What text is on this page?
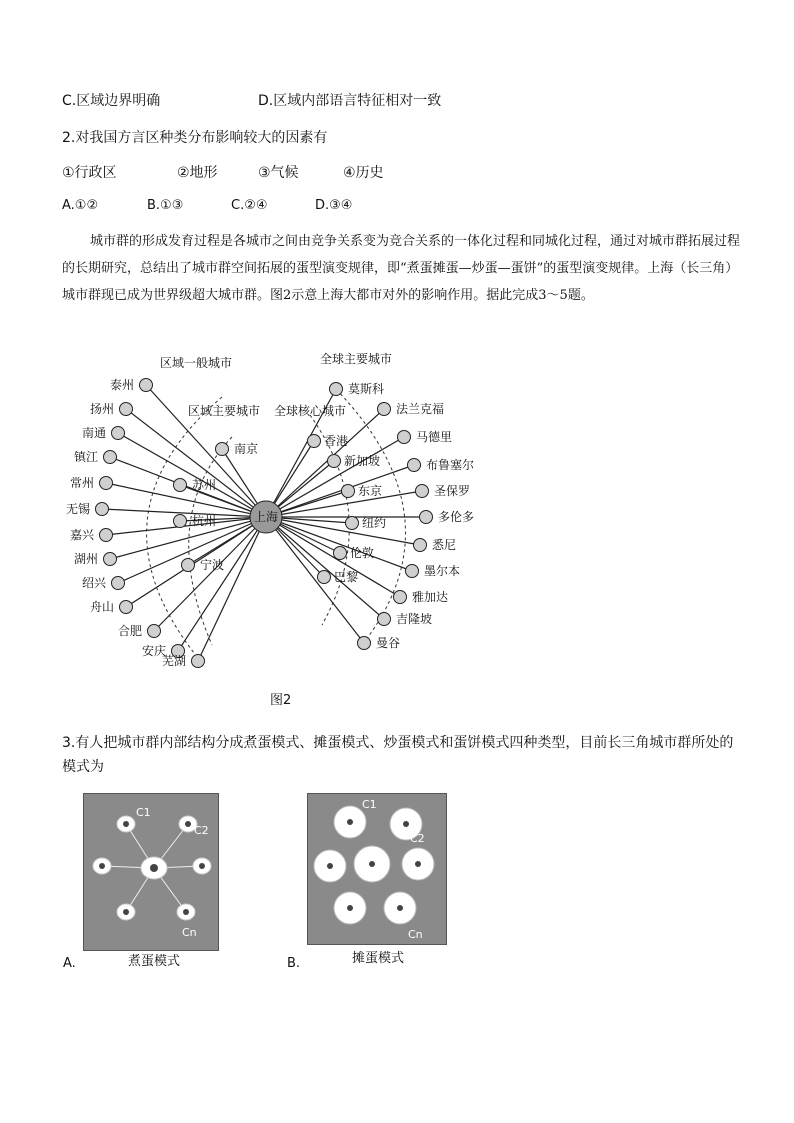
C.区域边界明确	D.区域内部语言特征相对一致
2.对我国方言区种类分布影响较大的因素有
①行政区	②地形	③气候	④历史
A.①②	B.①③	C.②④	D.③④
城市群的形成发育过程是各城市之间由竞争关系变为竞合关系的一体化过程和同城化过程，通过对城市群拓展过程的长期研究，总结出了城市群空间拓展的蛋型演变规律，即“煮蛋摊蛋—炒蛋—蛋饼”的蛋型演变规律。上海（长三角）城市群现已成为世界级超大城市群。图2示意上海大都市对外的影响作用。据此完成3～5题。
泰州
扬州
南通
镇江
常州
无锡
嘉兴
湖州
绍兴
舟山
合肥
安庆
芜湖
南京
苏州
杭州
宁波
香港
新加坡
东京
纽约
伦敦
巴黎
莫斯科
法兰克福
马德里
布鲁塞尔
圣保罗
多伦多
悉尼
墨尔本
雅加达
吉隆坡
曼谷
上海
区域一般城市
区域主要城市 全球核心城市
全球主要城市
图2
3.有人把城市群内部结构分成煮蛋模式、摊蛋模式、炒蛋模式和蛋饼模式四种类型，目前长三角城市群所处的
模式为
C1
C2
Cn
A.	煮蛋模式
C1
C2
Cn
B.	摊蛋模式
